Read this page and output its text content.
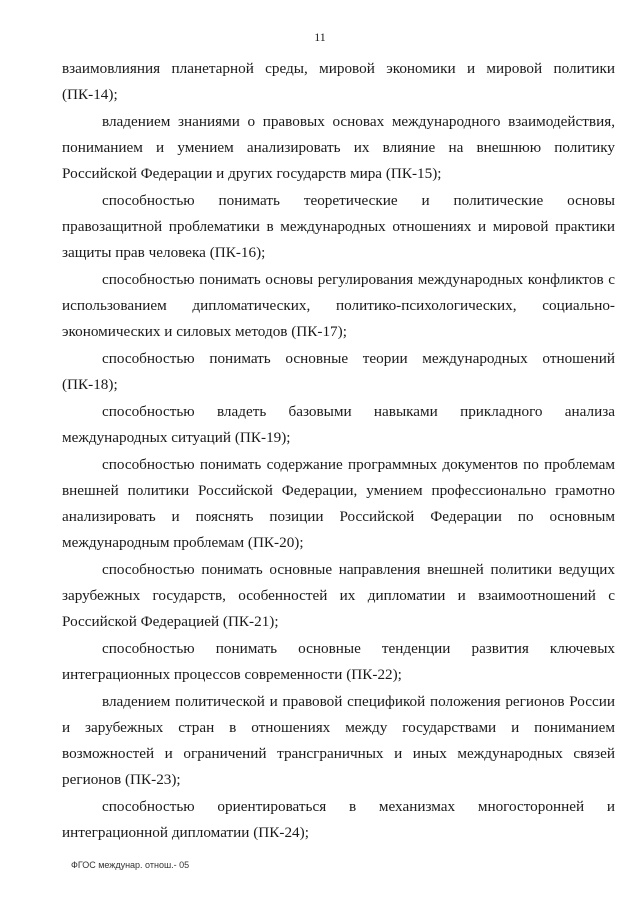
11

взаимовлияния планетарной среды, мировой экономики и мировой политики (ПК-14);

владением знаниями о правовых основах международного взаимодействия, пониманием и умением анализировать их влияние на внешнюю политику Российской Федерации и других государств мира (ПК-15);

способностью понимать теоретические и политические основы правозащитной проблематики в международных отношениях и мировой практики защиты прав человека (ПК-16);

способностью понимать основы регулирования международных конфликтов с использованием дипломатических, политико-психологических, социально-экономических и силовых методов (ПК-17);

способностью понимать основные теории международных отношений (ПК-18);

способностью владеть базовыми навыками прикладного анализа международных ситуаций (ПК-19);

способностью понимать содержание программных документов по проблемам внешней политики Российской Федерации, умением профессионально грамотно анализировать и пояснять позиции Российской Федерации по основным международным проблемам (ПК-20);

способностью понимать основные направления внешней политики ведущих зарубежных государств, особенностей их дипломатии и взаимоотношений с Российской Федерацией (ПК-21);

способностью понимать основные тенденции развития ключевых интеграционных процессов современности (ПК-22);

владением политической и правовой спецификой положения регионов России и зарубежных стран в отношениях между государствами и пониманием возможностей и ограничений трансграничных и иных международных связей регионов (ПК-23);

способностью ориентироваться в механизмах многосторонней и интеграционной дипломатии (ПК-24);

ФГОС междунар. отнош.- 05
